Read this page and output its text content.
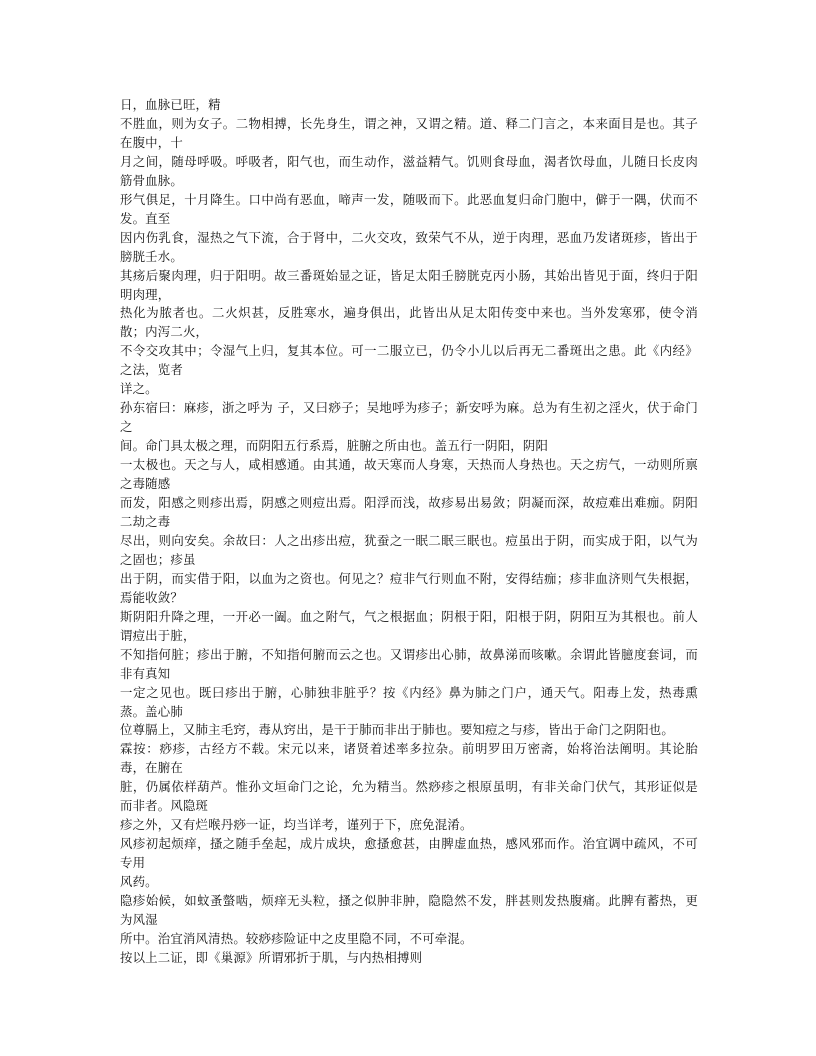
日，血脉已旺，精

不胜血，则为女子。二物相搏，长先身生，谓之神，又谓之精。道、释二门言之，本来面目是也。其子在腹中，十

月之间，随母呼吸。呼吸者，阳气也，而生动作，滋益精气。饥则食母血，渴者饮母血，儿随日长皮肉筋骨血脉。

形气俱足，十月降生。口中尚有恶血，啼声一发，随吸而下。此恶血复归命门胞中，僻于一隅，伏而不发。直至

因内伤乳食，湿热之气下流，合于肾中，二火交攻，致荣气不从，逆于肉理，恶血乃发诸斑疹，皆出于膀胱壬水。

其疡后聚肉理，归于阳明。故三番斑始显之证，皆足太阳壬膀胱克丙小肠，其始出皆见于面，终归于阳明肉理，

热化为脓者也。二火炽甚，反胜寒水，遍身俱出，此皆出从足太阳传变中来也。当外发寒邪，使令消散；内泻二火，

不令交攻其中；令湿气上归，复其本位。可一二服立已，仍令小儿以后再无二番斑出之患。此《内经》之法，览者

详之。

孙东宿曰：麻疹，浙之呼为 子，又曰痧子；吴地呼为疹子；新安呼为麻。总为有生初之淫火，伏于命门之

间。命门具太极之理，而阴阳五行系焉，脏腑之所由也。盖五行一阴阳，阴阳

一太极也。天之与人，咸相感通。由其通，故天寒而人身寒，天热而人身热也。天之疠气，一动则所禀之毒随感

而发，阳感之则疹出焉，阴感之则痘出焉。阳浮而浅，故疹易出易敛；阴凝而深，故痘难出难痂。阴阳二劫之毒

尽出，则向安矣。余故曰：人之出疹出痘，犹蚕之一眠二眠三眠也。痘虽出于阴，而实成于阳，以气为之固也；疹虽

出于阴，而实借于阳，以血为之资也。何见之？痘非气行则血不附，安得结痂；疹非血济则气失根据，焉能收敛？

斯阴阳升降之理，一开必一阖。血之附气，气之根据血；阴根于阳，阳根于阴，阴阳互为其根也。前人谓痘出于脏，

不知指何脏；疹出于腑，不知指何腑而云之也。又谓疹出心肺，故鼻涕而咳嗽。余谓此皆臆度套词，而非有真知

一定之见也。既曰疹出于腑，心肺独非脏乎？按《内经》鼻为肺之门户，通天气。阳毒上发，热毒熏蒸。盖心肺

位尊膈上，又肺主毛窍，毒从窍出，是干于肺而非出于肺也。要知痘之与疹，皆出于命门之阴阳也。

霖按：痧疹，古经方不载。宋元以来，诸贤着述率多拉杂。前明罗田万密斋，始将治法阐明。其论胎毒，在腑在

脏，仍属依样葫芦。惟孙文垣命门之论，允为精当。然痧疹之根原虽明，有非关命门伏气，其形证似是而非者。风隐斑

疹之外，又有烂喉丹痧一证，均当详考，谨列于下，庶免混淆。

风疹初起烦痒，搔之随手垒起，成片成块，愈搔愈甚，由脾虚血热，感风邪而作。治宜调中疏风，不可专用

风药。

隐疹始候，如蚊蚤螫啮，烦痒无头粒，搔之似肿非肿，隐隐然不发，胖甚则发热腹痛。此脾有蓄热，更为风湿

所中。治宜消风清热。较痧疹险证中之皮里隐不同，不可牵混。

按以上二证，即《巢源》所谓邪折于肌，与内热相搏则
